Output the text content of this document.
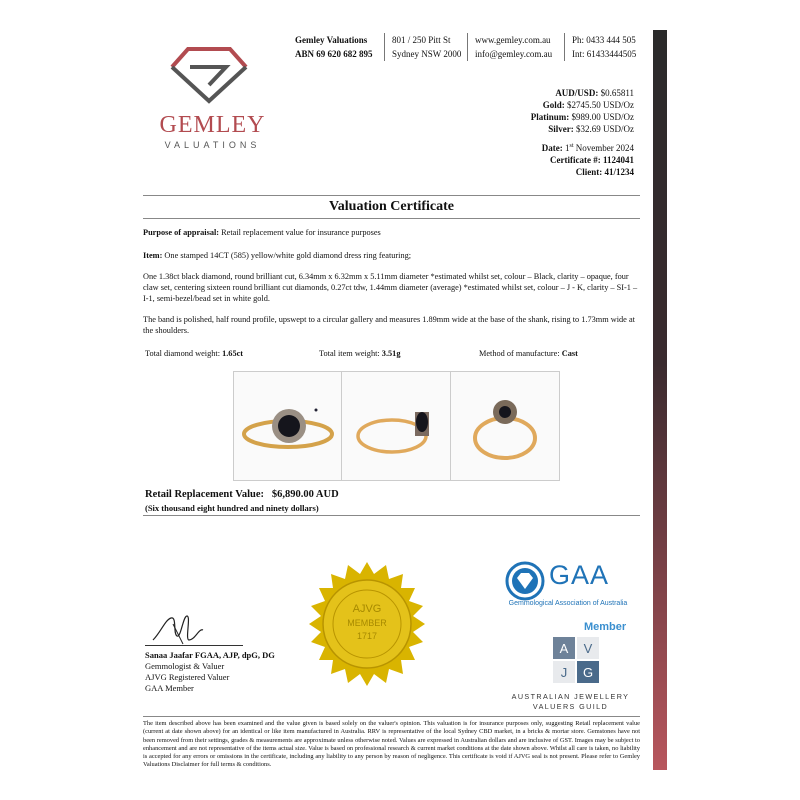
GEMLEY
VALUATIONS
Gemley Valuations
ABN 69 620 682 895
801 / 250 Pitt St
Sydney NSW 2000
www.gemley.com.au
info@gemley.com.au
Ph: 0433 444 505
Int: 61433444505
AUD/USD: $0.65811
Gold: $2745.50 USD/Oz
Platinum: $989.00 USD/Oz
Silver: $32.69 USD/Oz
Date: 1st November 2024
Certificate #: 1124041
Client: 41/1234
Valuation Certificate
Purpose of appraisal: Retail replacement value for insurance purposes
Item: One stamped 14CT (585) yellow/white gold diamond dress ring featuring;
One 1.38ct black diamond, round brilliant cut, 6.34mm x 6.32mm x 5.11mm diameter *estimated whilst set, colour – Black, clarity – opaque, four claw set, centering sixteen round brilliant cut diamonds, 0.27ct tdw, 1.44mm diameter (average) *estimated whilst set, colour – J - K, clarity – SI-1 – I-1, semi-bezel/bead set in white gold.
The band is polished, half round profile, upswept to a circular gallery and measures 1.89mm wide at the base of the shank, rising to 1.73mm wide at the shoulders.
Total diamond weight: 1.65ct	Total item weight: 3.51g	Method of manufacture: Cast
Retail Replacement Value: $6,890.00 AUD
(Six thousand eight hundred and ninety dollars)
AJVG
MEMBER
1717
Sanaa Jaafar FGAA, AJP, dpG, DG
Gemmologist & Valuer
AJVG Registered Valuer
GAA Member
GAA
Gemmological Association of Australia
Member
A V
J G
AUSTRALIAN JEWELLERY
VALUERS GUILD
The item described above has been examined and the value given is based solely on the valuer's opinion. This valuation is for insurance purposes only, suggesting Retail replacement value (current at date shown above) for an identical or like item manufactured in Australia. RRV is representative of the local Sydney CBD market, in a bricks & mortar store. Gemstones have not been removed from their settings, grades & measurements are approximate unless otherwise noted. Values are expressed in Australian dollars and are inclusive of GST. Images may be subject to enhancement and are not representative of the items actual size. Value is based on professional research & current market conditions at the date shown above. Whilst all care is taken, no liability is accepted for any errors or omissions in the certificate, including any liability to any person by reason of negligence. This certificate is void if AJVG seal is not present. Please refer to Gemley Valuations Disclaimer for full terms & conditions.
